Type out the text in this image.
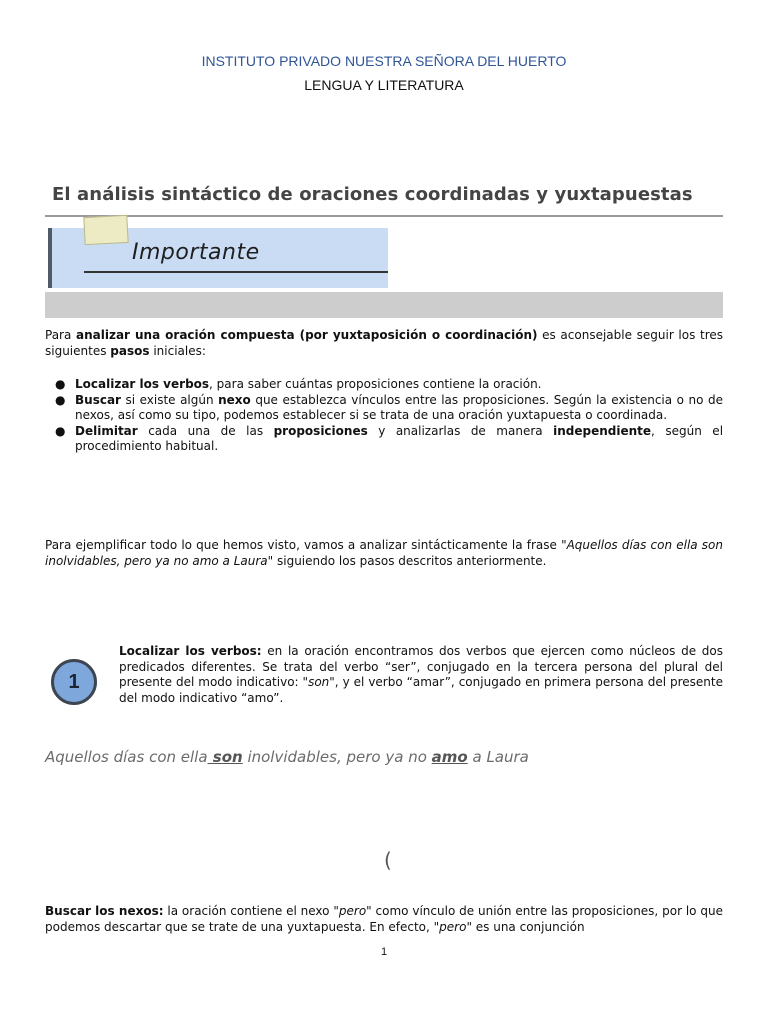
INSTITUTO PRIVADO NUESTRA SEÑORA DEL HUERTO
LENGUA Y LITERATURA
El análisis sintáctico de oraciones coordinadas y yuxtapuestas
Importante
Para analizar una oración compuesta (por yuxtaposición o coordinación) es aconsejable seguir los tres siguientes pasos iniciales:
● Localizar los verbos, para saber cuántas proposiciones contiene la oración.
● Buscar si existe algún nexo que establezca vínculos entre las proposiciones. Según la existencia o no de nexos, así como su tipo, podemos establecer si se trata de una oración yuxtapuesta o coordinada.
● Delimitar cada una de las proposiciones y analizarlas de manera independiente, según el procedimiento habitual.
Para ejemplificar todo lo que hemos visto, vamos a analizar sintácticamente la frase "Aquellos días con ella son inolvidables, pero ya no amo a Laura" siguiendo los pasos descritos anteriormente.
1
Localizar los verbos: en la oración encontramos dos verbos que ejercen como núcleos de dos predicados diferentes. Se trata del verbo “ser”, conjugado en la tercera persona del plural del presente del modo indicativo: "son", y el verbo “amar”, conjugado en primera persona del presente del modo indicativo “amo”.
Aquellos días con ella son inolvidables, pero ya no amo a Laura
(
Buscar los nexos: la oración contiene el nexo "pero" como vínculo de unión entre las proposiciones, por lo que podemos descartar que se trate de una yuxtapuesta. En efecto, "pero" es una conjunción
1
